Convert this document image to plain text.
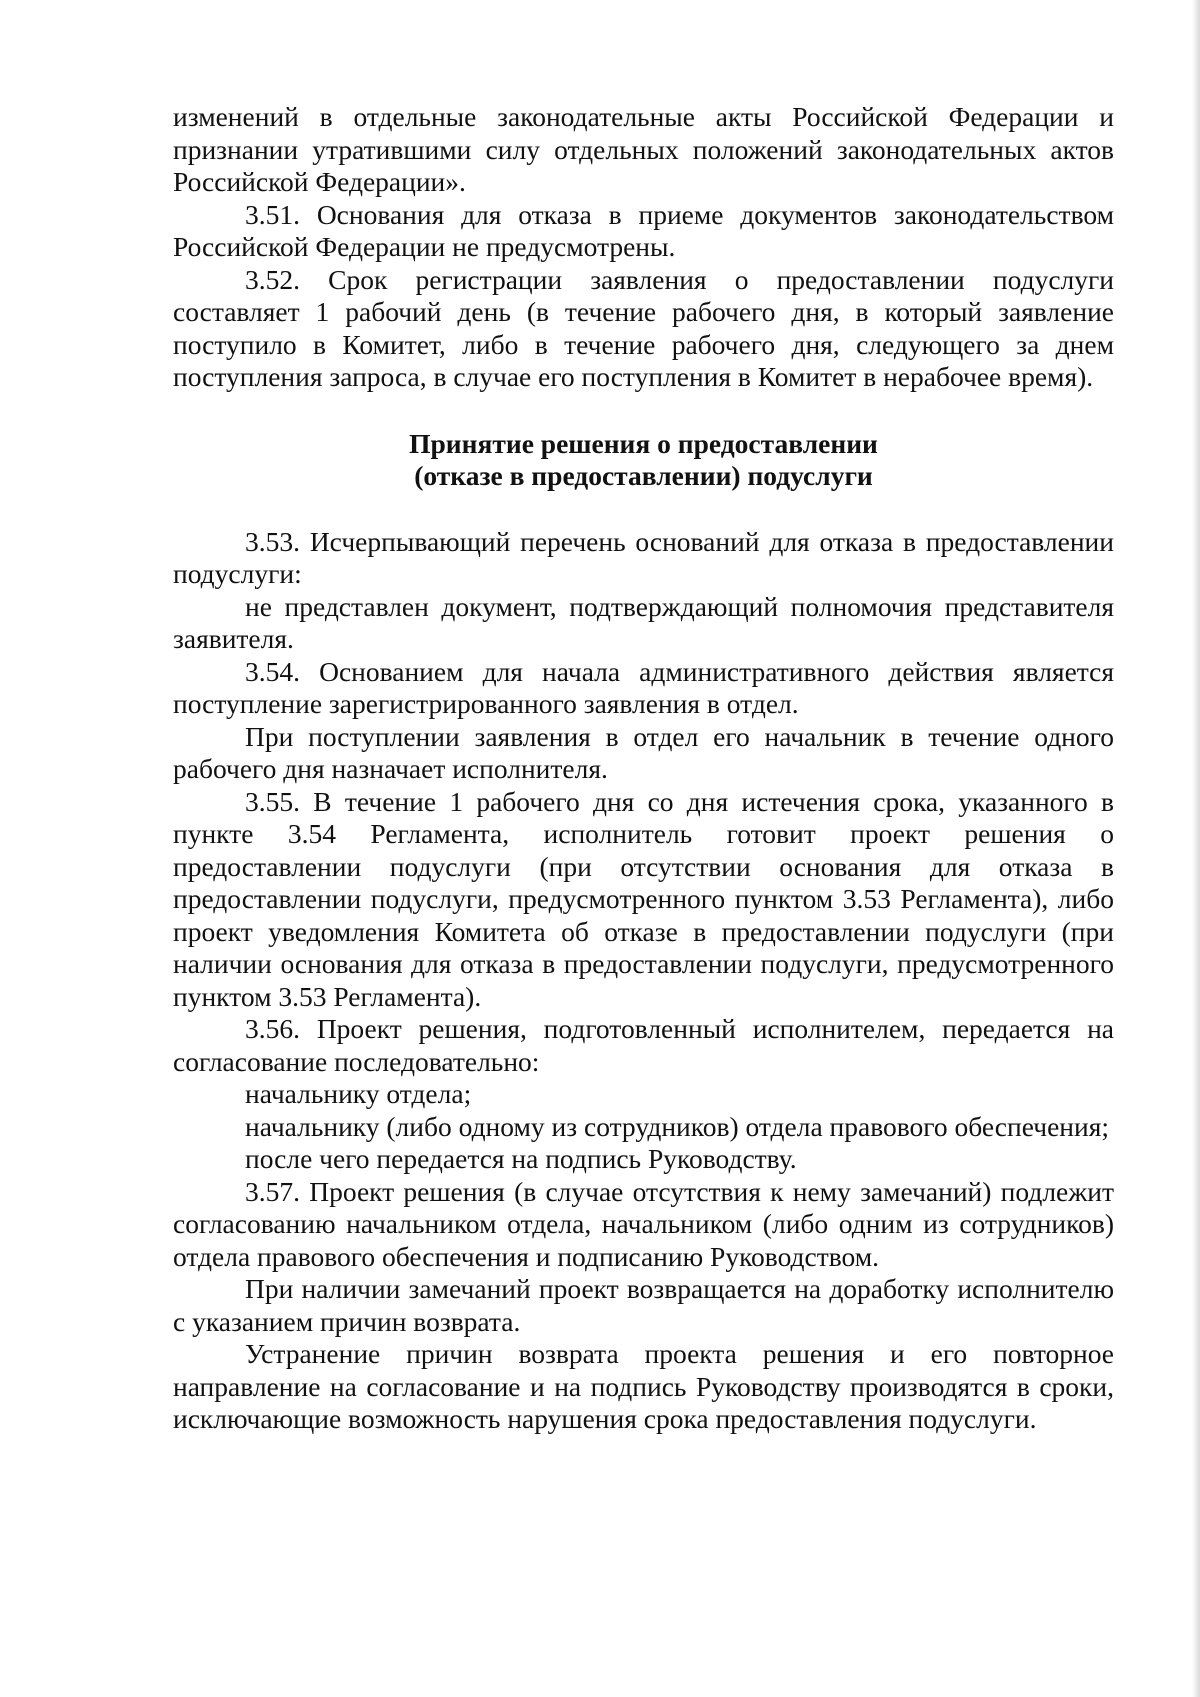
изменений в отдельные законодательные акты Российской Федерации и признании утратившими силу отдельных положений законодательных актов Российской Федерации».

3.51. Основания для отказа в приеме документов законодательством Российской Федерации не предусмотрены.

3.52. Срок регистрации заявления о предоставлении подуслуги составляет 1 рабочий день (в течение рабочего дня, в который заявление поступило в Комитет, либо в течение рабочего дня, следующего за днем поступления запроса, в случае его поступления в Комитет в нерабочее время).

Принятие решения о предоставлении
(отказе в предоставлении) подуслуги

3.53. Исчерпывающий перечень оснований для отказа в предоставлении подуслуги:

не представлен документ, подтверждающий полномочия представителя заявителя.

3.54. Основанием для начала административного действия является поступление зарегистрированного заявления в отдел.

При поступлении заявления в отдел его начальник в течение одного рабочего дня назначает исполнителя.

3.55. В течение 1 рабочего дня со дня истечения срока, указанного в пункте 3.54 Регламента, исполнитель готовит проект решения о предоставлении подуслуги (при отсутствии основания для отказа в предоставлении подуслуги, предусмотренного пунктом 3.53 Регламента), либо проект уведомления Комитета об отказе в предоставлении подуслуги (при наличии основания для отказа в предоставлении подуслуги, предусмотренного пунктом 3.53 Регламента).

3.56. Проект решения, подготовленный исполнителем, передается на согласование последовательно:

начальнику отдела;

начальнику (либо одному из сотрудников) отдела правового обеспечения;

после чего передается на подпись Руководству.

3.57. Проект решения (в случае отсутствия к нему замечаний) подлежит согласованию начальником отдела, начальником (либо одним из сотрудников) отдела правового обеспечения и подписанию Руководством.

При наличии замечаний проект возвращается на доработку исполнителю с указанием причин возврата.

Устранение причин возврата проекта решения и его повторное направление на согласование и на подпись Руководству производятся в сроки, исключающие возможность нарушения срока предоставления подуслуги.
